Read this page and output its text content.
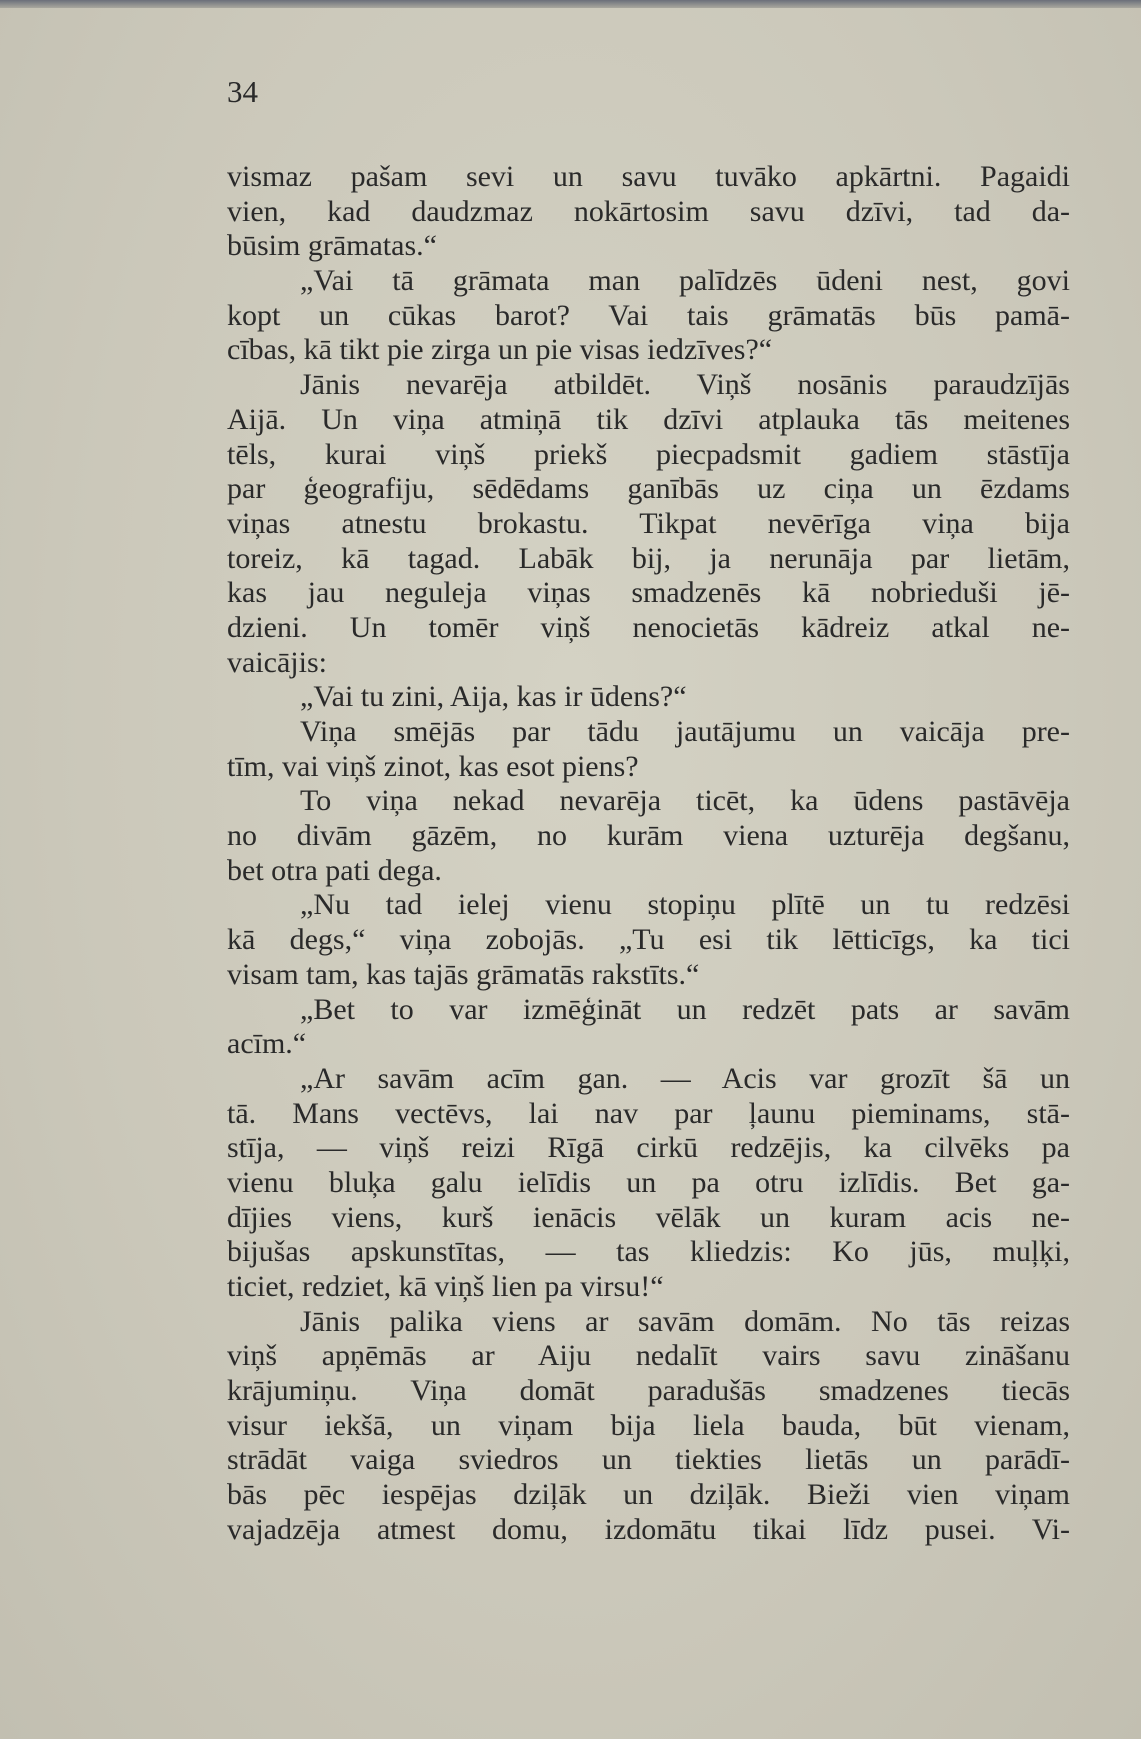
34
vismaz pašam sevi un savu tuvāko apkārtni. Pagaidi
vien, kad daudzmaz nokārtosim savu dzīvi, tad da-
būsim grāmatas.“
„Vai tā grāmata man palīdzēs ūdeni nest, govi
kopt un cūkas barot? Vai tais grāmatās būs pamā-
cības, kā tikt pie zirga un pie visas iedzīves?“
Jānis nevarēja atbildēt. Viņš nosānis paraudzījās
Aijā. Un viņa atmiņā tik dzīvi atplauka tās meitenes
tēls, kurai viņš priekš piecpadsmit gadiem stāstīja
par ģeografiju, sēdēdams ganībās uz ciņa un ēzdams
viņas atnestu brokastu. Tikpat nevērīga viņa bija
toreiz, kā tagad. Labāk bij, ja nerunāja par lietām,
kas jau neguleja viņas smadzenēs kā nobrieduši jē-
dzieni. Un tomēr viņš nenocietās kādreiz atkal ne-
vaicājis:
„Vai tu zini, Aija, kas ir ūdens?“
Viņa smējās par tādu jautājumu un vaicāja pre-
tīm, vai viņš zinot, kas esot piens?
To viņa nekad nevarēja ticēt, ka ūdens pastāvēja
no divām gāzēm, no kurām viena uzturēja degšanu,
bet otra pati dega.
„Nu tad ielej vienu stopiņu plītē un tu redzēsi
kā degs,“ viņa zobojās. „Tu esi tik lētticīgs, ka tici
visam tam, kas tajās grāmatās rakstīts.“
„Bet to var izmēģināt un redzēt pats ar savām
acīm.“
„Ar savām acīm gan. — Acis var grozīt šā un
tā. Mans vectēvs, lai nav par ļaunu pieminams, stā-
stīja, — viņš reizi Rīgā cirkū redzējis, ka cilvēks pa
vienu bluķa galu ielīdis un pa otru izlīdis. Bet ga-
dījies viens, kurš ienācis vēlāk un kuram acis ne-
bijušas apskunstītas, — tas kliedzis: Ko jūs, muļķi,
ticiet, redziet, kā viņš lien pa virsu!“
Jānis palika viens ar savām domām. No tās reizas
viņš apņēmās ar Aiju nedalīt vairs savu zināšanu
krājumiņu. Viņa domāt paradušās smadzenes tiecās
visur iekšā, un viņam bija liela bauda, būt vienam,
strādāt vaiga sviedros un tiekties lietās un parādī-
bās pēc iespējas dziļāk un dziļāk. Bieži vien viņam
vajadzēja atmest domu, izdomātu tikai līdz pusei. Vi-
